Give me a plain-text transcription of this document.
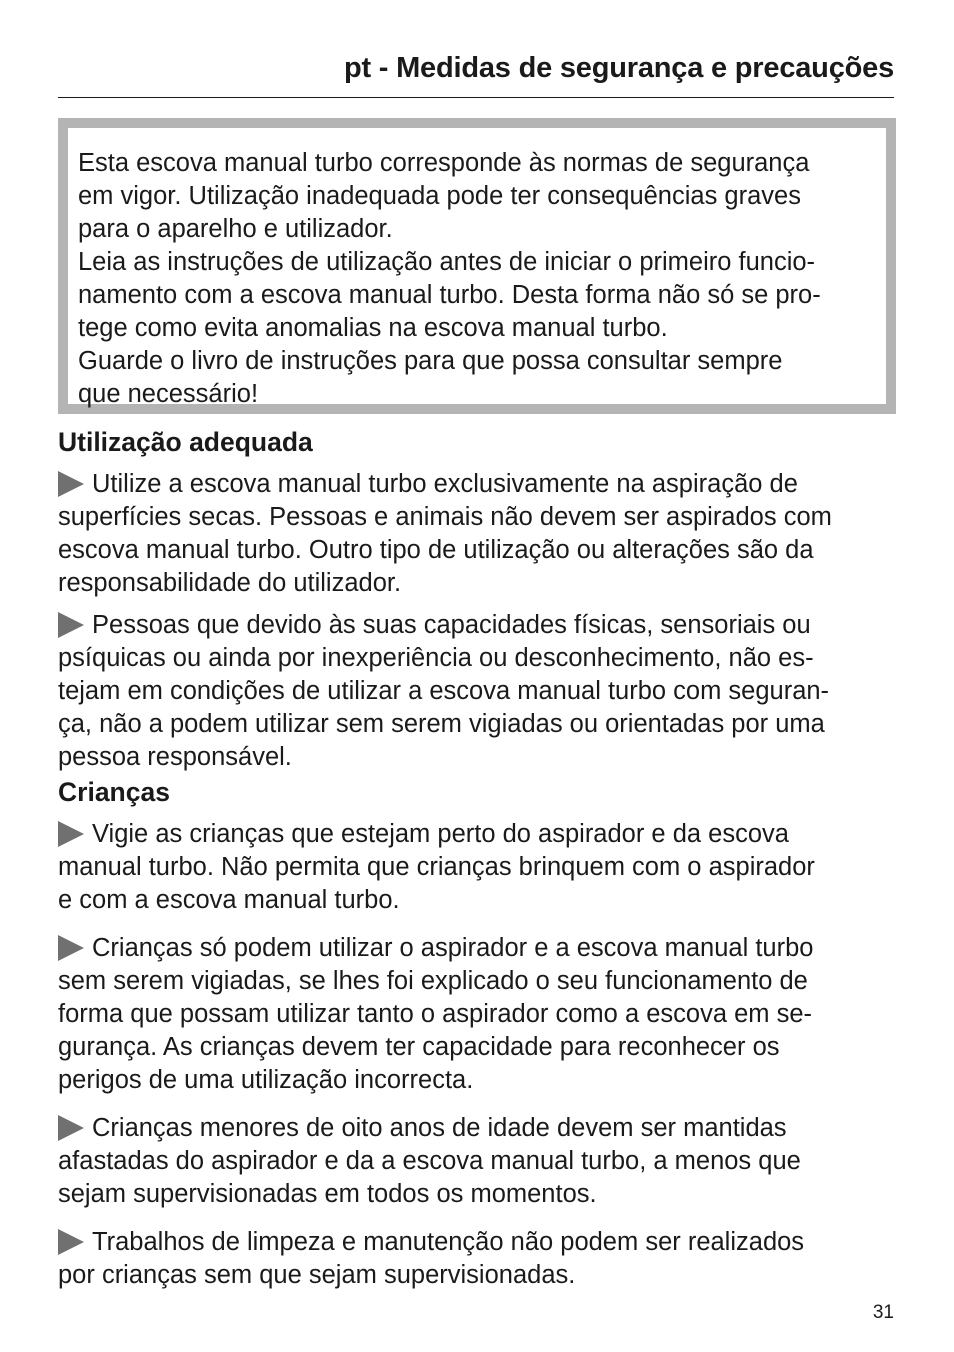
pt - Medidas de segurança e precauções

Esta escova manual turbo corresponde às normas de segurança

em vigor. Utilização inadequada pode ter consequências graves

para o aparelho e utilizador.

Leia as instruções de utilização antes de iniciar o primeiro funcio-

namento com a escova manual turbo. Desta forma não só se pro-

tege como evita anomalias na escova manual turbo.

Guarde o livro de instruções para que possa consultar sempre

que necessário!

Utilização adequada
Utilize a escova manual turbo exclusivamente na aspiração de
superfícies secas. Pessoas e animais não devem ser aspirados com
escova manual turbo. Outro tipo de utilização ou alterações são da
responsabilidade do utilizador.
Pessoas que devido às suas capacidades físicas, sensoriais ou
psíquicas ou ainda por inexperiência ou desconhecimento, não es-
tejam em condições de utilizar a escova manual turbo com seguran-
ça, não a podem utilizar sem serem vigiadas ou orientadas por uma
pessoa responsável.
Crianças
Vigie as crianças que estejam perto do aspirador e da escova
manual turbo. Não permita que crianças brinquem com o aspirador
e com a escova manual turbo.
Crianças só podem utilizar o aspirador e a escova manual turbo
sem serem vigiadas, se lhes foi explicado o seu funcionamento de
forma que possam utilizar tanto o aspirador como a escova em se-
gurança. As crianças devem ter capacidade para reconhecer os
perigos de uma utilização incorrecta.
Crianças menores de oito anos de idade devem ser mantidas
afastadas do aspirador e da a escova manual turbo, a menos que
sejam supervisionadas em todos os momentos.
Trabalhos de limpeza e manutenção não podem ser realizados
por crianças sem que sejam supervisionadas.
31
